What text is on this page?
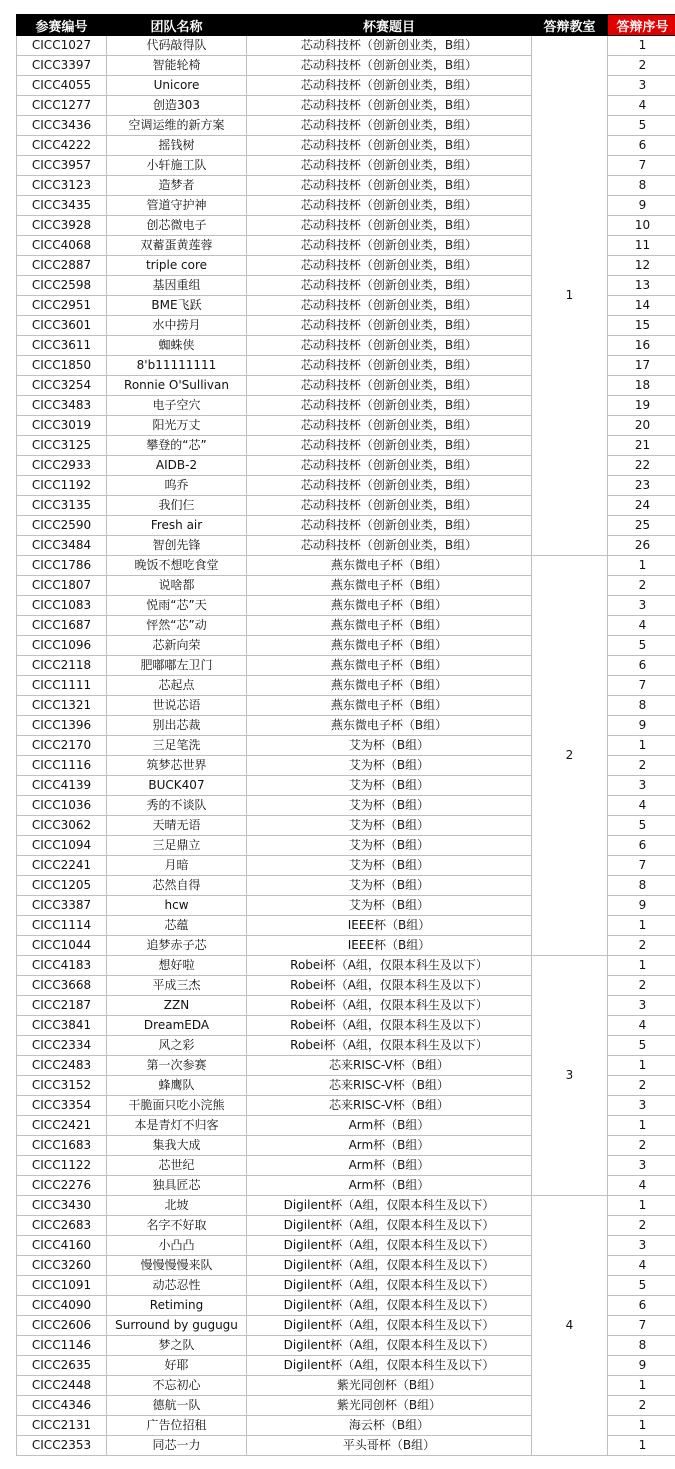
参赛编号	团队名称	杯赛题目	答辩教室	答辩序号
CICC1027	代码敲得队	芯动科技杯（创新创业类，B组）	1	1
CICC3397	智能轮椅	芯动科技杯（创新创业类，B组）		2
CICC4055	Unicore	芯动科技杯（创新创业类，B组）		3
CICC1277	创造303	芯动科技杯（创新创业类，B组）		4
CICC3436	空调运维的新方案	芯动科技杯（创新创业类，B组）		5
CICC4222	摇钱树	芯动科技杯（创新创业类，B组）		6
CICC3957	小轩施工队	芯动科技杯（创新创业类，B组）		7
CICC3123	造梦者	芯动科技杯（创新创业类，B组）		8
CICC3435	管道守护神	芯动科技杯（创新创业类，B组）		9
CICC3928	创芯微电子	芯动科技杯（创新创业类，B组）		10
CICC4068	双蓄蛋黄莲蓉	芯动科技杯（创新创业类，B组）		11
CICC2887	triple core	芯动科技杯（创新创业类，B组）		12
CICC2598	基因重组	芯动科技杯（创新创业类，B组）		13
CICC2951	BME飞跃	芯动科技杯（创新创业类，B组）		14
CICC3601	水中捞月	芯动科技杯（创新创业类，B组）		15
CICC3611	蜘蛛侠	芯动科技杯（创新创业类，B组）		16
CICC1850	8'b11111111	芯动科技杯（创新创业类，B组）		17
CICC3254	Ronnie O'Sullivan	芯动科技杯（创新创业类，B组）		18
CICC3483	电子空穴	芯动科技杯（创新创业类，B组）		19
CICC3019	阳光万丈	芯动科技杯（创新创业类，B组）		20
CICC3125	攀登的“芯”	芯动科技杯（创新创业类，B组）		21
CICC2933	AIDB-2	芯动科技杯（创新创业类，B组）		22
CICC1192	呜乔	芯动科技杯（创新创业类，B组）		23
CICC3135	我们仨	芯动科技杯（创新创业类，B组）		24
CICC2590	Fresh air	芯动科技杯（创新创业类，B组）		25
CICC3484	智创先锋	芯动科技杯（创新创业类，B组）		26
CICC1786	晚饭不想吃食堂	燕东微电子杯（B组）	2	1
CICC1807	说啥都	燕东微电子杯（B组）		2
CICC1083	悦雨“芯”天	燕东微电子杯（B组）		3
CICC1687	怦然“芯”动	燕东微电子杯（B组）		4
CICC1096	芯新向荣	燕东微电子杯（B组）		5
CICC2118	肥嘟嘟左卫门	燕东微电子杯（B组）		6
CICC1111	芯起点	燕东微电子杯（B组）		7
CICC1321	世说芯语	燕东微电子杯（B组）		8
CICC1396	别出芯裁	燕东微电子杯（B组）		9
CICC2170	三足笔洗	艾为杯（B组）		1
CICC1116	筑梦芯世界	艾为杯（B组）		2
CICC4139	BUCK407	艾为杯（B组）		3
CICC1036	秀的不谈队	艾为杯（B组）		4
CICC3062	天晴无语	艾为杯（B组）		5
CICC1094	三足鼎立	艾为杯（B组）		6
CICC2241	月暗	艾为杯（B组）		7
CICC1205	芯然自得	艾为杯（B组）		8
CICC3387	hcw	艾为杯（B组）		9
CICC1114	芯蕴	IEEE杯（B组）		1
CICC1044	追梦赤子芯	IEEE杯（B组）		2
CICC4183	想好啦	Robei杯（A组，仅限本科生及以下）	3	1
CICC3668	平成三杰	Robei杯（A组，仅限本科生及以下）		2
CICC2187	ZZN	Robei杯（A组，仅限本科生及以下）		3
CICC3841	DreamEDA	Robei杯（A组，仅限本科生及以下）		4
CICC2334	风之彩	Robei杯（A组，仅限本科生及以下）		5
CICC2483	第一次参赛	芯来RISC-V杯（B组）		1
CICC3152	蜂鹰队	芯来RISC-V杯（B组）		2
CICC3354	干脆面只吃小浣熊	芯来RISC-V杯（B组）		3
CICC2421	本是青灯不归客	Arm杯（B组）		1
CICC1683	集我大成	Arm杯（B组）		2
CICC1122	芯世纪	Arm杯（B组）		3
CICC2276	独具匠芯	Arm杯（B组）		4
CICC3430	北坡	Digilent杯（A组，仅限本科生及以下）	4	1
CICC2683	名字不好取	Digilent杯（A组，仅限本科生及以下）		2
CICC4160	小凸凸	Digilent杯（A组，仅限本科生及以下）		3
CICC3260	慢慢慢慢来队	Digilent杯（A组，仅限本科生及以下）		4
CICC1091	动芯忍性	Digilent杯（A组，仅限本科生及以下）		5
CICC4090	Retiming	Digilent杯（A组，仅限本科生及以下）		6
CICC2606	Surround by gugugu	Digilent杯（A组，仅限本科生及以下）		7
CICC1146	梦之队	Digilent杯（A组，仅限本科生及以下）		8
CICC2635	好耶	Digilent杯（A组，仅限本科生及以下）		9
CICC2448	不忘初心	紫光同创杯（B组）		1
CICC4346	德航一队	紫光同创杯（B组）		2
CICC2131	广告位招租	海云杯（B组）		1
CICC2353	同芯一力	平头哥杯（B组）		1
